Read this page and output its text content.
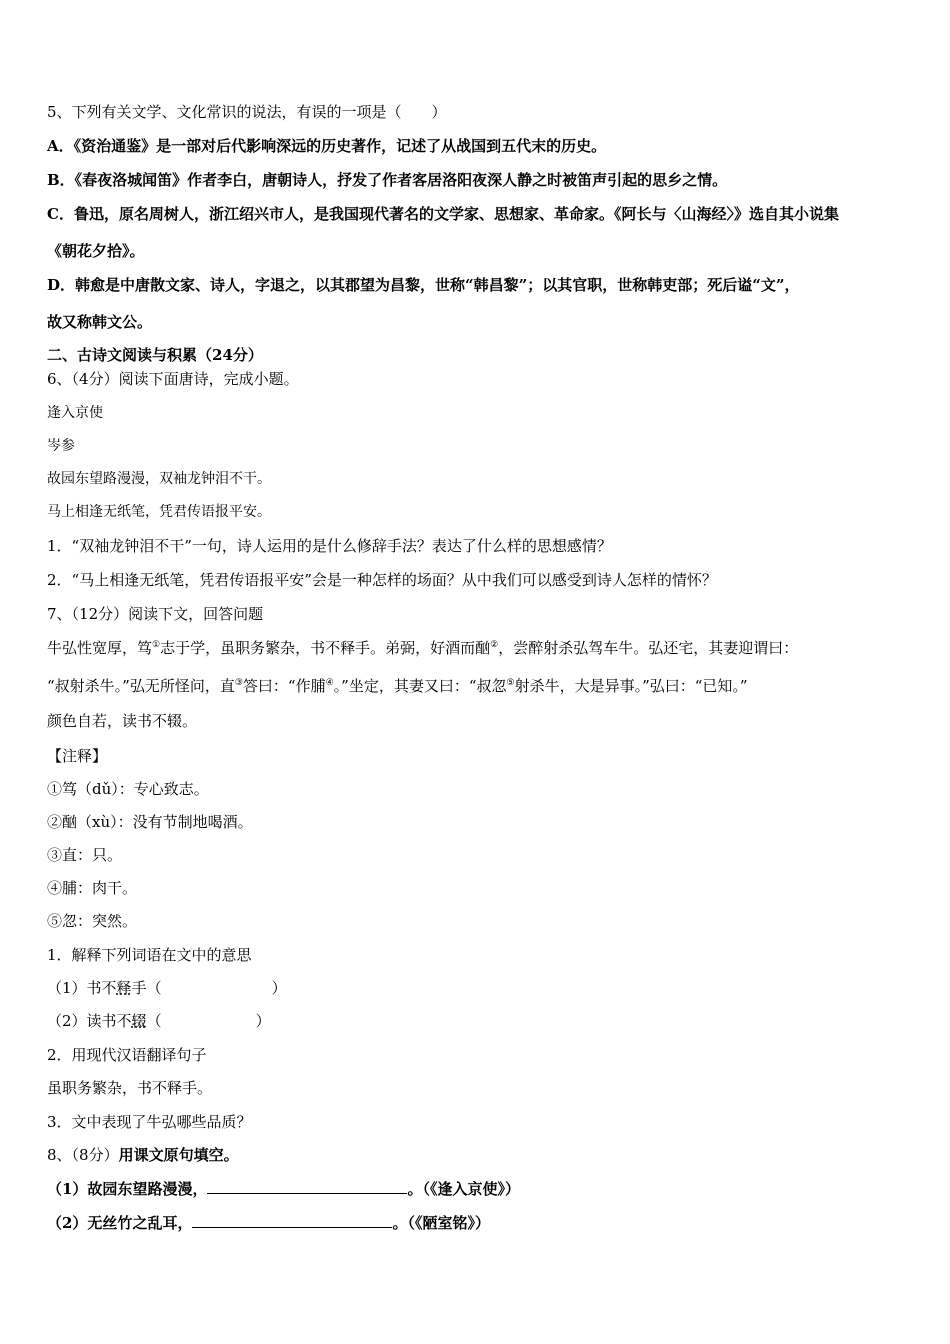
5、下列有关文学、文化常识的说法，有误的一项是（ ）
A．《资治通鉴》是一部对后代影响深远的历史著作，记述了从战国到五代末的历史。
B．《春夜洛城闻笛》作者李白，唐朝诗人，抒发了作者客居洛阳夜深人静之时被笛声引起的思乡之情。
C．鲁迅，原名周树人，浙江绍兴市人，是我国现代著名的文学家、思想家、革命家。《阿长与〈山海经〉》选自其小说集
《朝花夕拾》。
D．韩愈是中唐散文家、诗人，字退之，以其郡望为昌黎，世称“韩昌黎”；以其官职，世称韩吏部；死后谥“文”，
故又称韩文公。
二、古诗文阅读与积累（24分）
6、（4分）阅读下面唐诗，完成小题。
逢入京使
岑参
故园东望路漫漫，双袖龙钟泪不干。
马上相逢无纸笔，凭君传语报平安。
1．“双袖龙钟泪不干”一句，诗人运用的是什么修辞手法？表达了什么样的思想感情？
2．“马上相逢无纸笔，凭君传语报平安”会是一种怎样的场面？从中我们可以感受到诗人怎样的情怀？
7、（12分）阅读下文，回答问题
牛弘性宽厚，笃①志于学，虽职务繁杂，书不释手。弟弼，好酒而酗②，尝醉射杀弘驾车牛。弘还宅，其妻迎谓曰：
“叔射杀牛。”弘无所怪问，直③答曰：“作脯④。”坐定，其妻又曰：“叔忽⑤射杀牛，大是异事。”弘曰：“已知。”
颜色自若，读书不辍。
【注释】
①笃（dǔ）：专心致志。
②酗（xù）：没有节制地喝酒。
③直：只。
④脯：肉干。
⑤忽：突然。
1．解释下列词语在文中的意思
（1）书不释手（	）
（2）读书不辍（	）
2．用现代汉语翻译句子
虽职务繁杂，书不释手。
3．文中表现了牛弘哪些品质？
8、（8分）用课文原句填空。
（1）故园东望路漫漫，	。（《逢入京使》）
（2）无丝竹之乱耳，	。（《陋室铭》）
